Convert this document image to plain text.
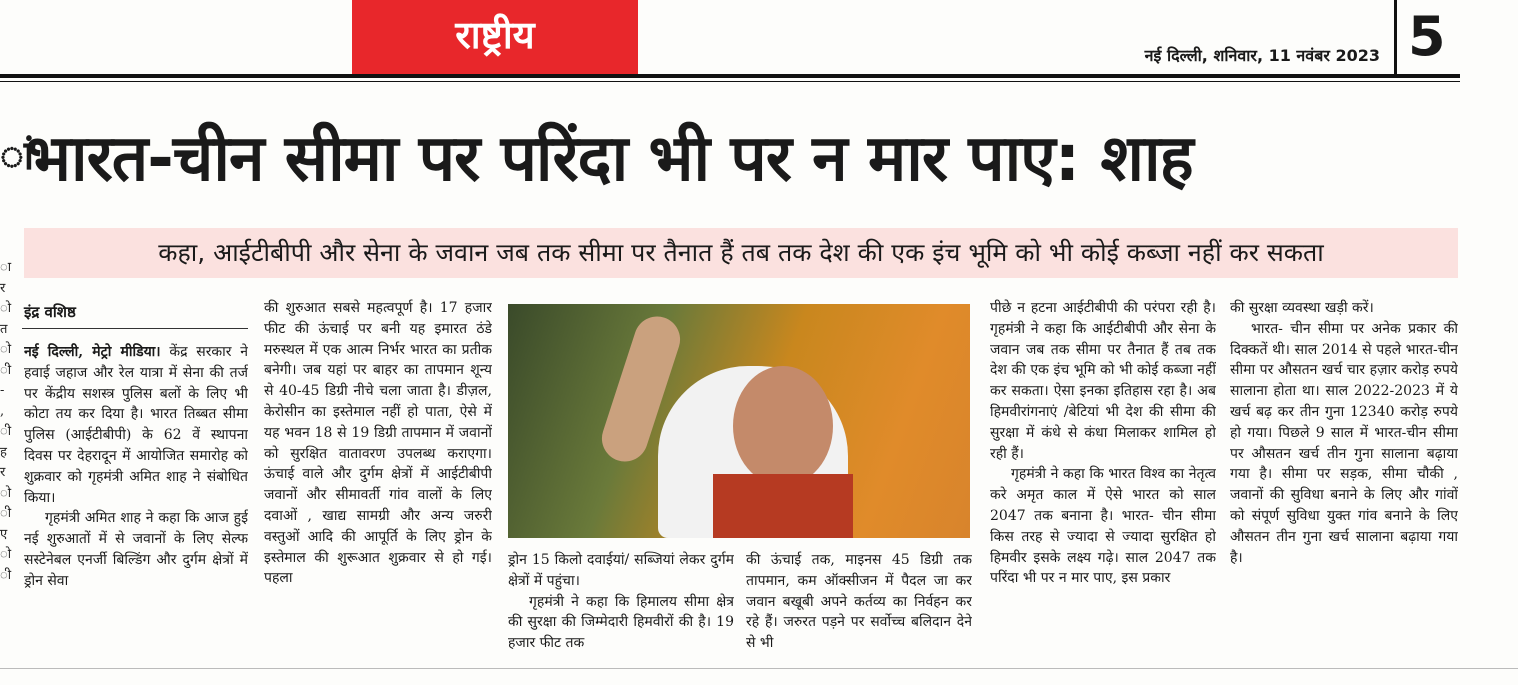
राष्ट्रीय	नई दिल्ली, शनिवार, 11 नवंबर 2023 5
ा
र
ो
त
ो
ी
-
,
ी
ह
र
ो
ी
ए
ो
ी
ां
भारत-चीन सीमा पर परिंदा भी पर न मार पाए: शाह
कहा, आईटीबीपी और सेना के जवान जब तक सीमा पर तैनात हैं तब तक देश की एक इंच भूमि को भी कोई कब्जा नहीं कर सकता
इंद्र वशिष्ठ

नई दिल्ली, मेट्रो मीडिया। केंद्र सरकार ने हवाई जहाज और रेल यात्रा में सेना की तर्ज पर केंद्रीय सशस्त्र पुलिस बलों के लिए भी कोटा तय कर दिया है। भारत तिब्बत सीमा पुलिस (आईटीबीपी) के 62 वें स्थापना दिवस पर देहरादून में आयोजित समारोह को शुक्रवार को गृहमंत्री अमित शाह ने संबोधित किया।

गृहमंत्री अमित शाह ने कहा कि आज हुई नई शुरुआतों में से जवानों के लिए सेल्फ सस्टेनेबल एनर्जी बिल्डिंग और दुर्गम क्षेत्रों में ड्रोन सेवा

की शुरुआत सबसे महत्वपूर्ण है। 17 हजार फीट की ऊंचाई पर बनी यह इमारत ठंडे मरुस्थल में एक आत्म निर्भर भारत का प्रतीक बनेगी। जब यहां पर बाहर का तापमान शून्य से 40-45 डिग्री नीचे चला जाता है। डीज़ल, केरोसीन का इस्तेमाल नहीं हो पाता, ऐसे में यह भवन 18 से 19 डिग्री तापमान में जवानों को सुरक्षित वातावरण उपलब्ध कराएगा। ऊंचाई वाले और दुर्गम क्षेत्रों में आईटीबीपी जवानों और सीमावर्ती गांव वालों के लिए दवाओं , खाद्य सामग्री और अन्य जरुरी वस्तुओं आदि की आपूर्ति के लिए ड्रोन के इस्तेमाल की शुरूआत शुक्रवार से हो गई। पहला

ड्रोन 15 किलो दवाईयां/ सब्जियां लेकर दुर्गम क्षेत्रों में पहुंचा।

गृहमंत्री ने कहा कि हिमालय सीमा क्षेत्र की सुरक्षा की जिम्मेदारी हिमवीरों की है। 19 हजार फीट तक

की ऊंचाई तक, माइनस 45 डिग्री तक तापमान, कम ऑक्सीजन में पैदल जा कर जवान बखूबी अपने कर्तव्य का निर्वहन कर रहे हैं। जरुरत पड़ने पर सर्वोच्च बलिदान देने से भी

पीछे न हटना आईटीबीपी की परंपरा रही है। गृहमंत्री ने कहा कि आईटीबीपी और सेना के जवान जब तक सीमा पर तैनात हैं तब तक देश की एक इंच भूमि को भी कोई कब्जा नहीं कर सकता। ऐसा इनका इतिहास रहा है। अब हिमवीरांगनाएं /बेटियां भी देश की सीमा की सुरक्षा में कंधे से कंधा मिलाकर शामिल हो रही हैं।

गृहमंत्री ने कहा कि भारत विश्व का नेतृत्व करे अमृत काल में ऐसे भारत को साल 2047 तक बनाना है। भारत- चीन सीमा किस तरह से ज्यादा से ज्यादा सुरक्षित हो हिमवीर इसके लक्ष्य गढ़े। साल 2047 तक परिंदा भी पर न मार पाए, इस प्रकार

की सुरक्षा व्यवस्था खड़ी करें।

भारत- चीन सीमा पर अनेक प्रकार की दिक्कतें थी। साल 2014 से पहले भारत-चीन सीमा पर औसतन खर्च चार हज़ार करोड़ रुपये सालाना होता था। साल 2022-2023 में ये खर्च बढ़ कर तीन गुना 12340 करोड़ रुपये हो गया। पिछले 9 साल में भारत-चीन सीमा पर औसतन खर्च तीन गुना सालाना बढ़ाया गया है। सीमा पर सड़क, सीमा चौकी , जवानों की सुविधा बनाने के लिए और गांवों को संपूर्ण सुविधा युक्त गांव बनाने के लिए औसतन तीन गुना खर्च सालाना बढ़ाया गया है।
